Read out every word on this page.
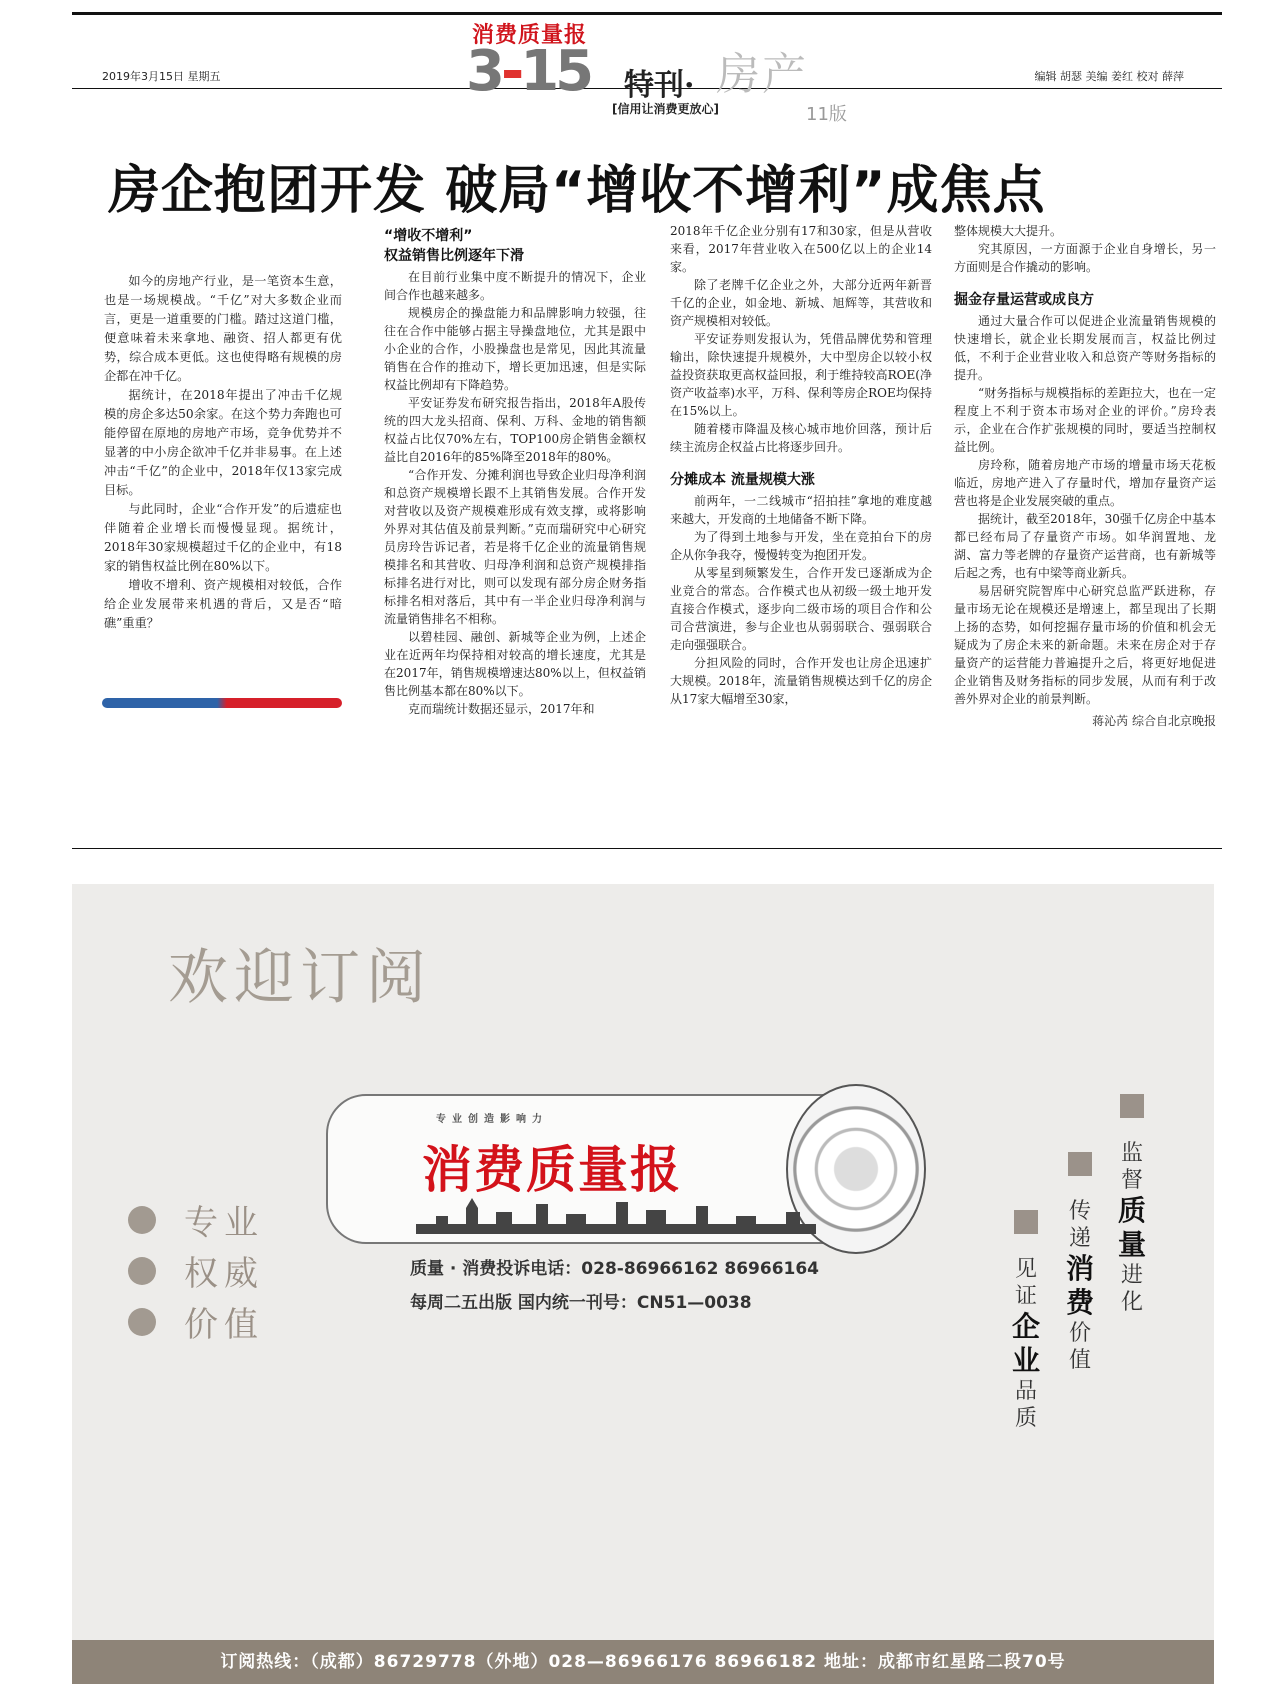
2019年3月15日 星期五	编辑 胡瑟 美编 姜红 校对 薛萍
消费质量报
3-15 特刊· 房产
[信用让消费更放心]	11版
房企抱团开发 破局“增收不增利”成焦点

如今的房地产行业，是一笔资本生意，也是一场规模战。“千亿”对大多数企业而言，更是一道重要的门槛。踏过这道门槛，便意味着未来拿地、融资、招人都更有优势，综合成本更低。这也使得略有规模的房企都在冲千亿。

据统计，在2018年提出了冲击千亿规模的房企多达50余家。在这个势力奔跑也可能停留在原地的房地产市场，竞争优势并不显著的中小房企欲冲千亿并非易事。在上述冲击“千亿”的企业中，2018年仅13家完成目标。

与此同时，企业“合作开发”的后遗症也伴随着企业增长而慢慢显现。据统计，2018年30家规模超过千亿的企业中，有18家的销售权益比例在80%以下。

增收不增利、资产规模相对较低，合作给企业发展带来机遇的背后，又是否“暗礁”重重？

“增收不增利”
权益销售比例逐年下滑

在目前行业集中度不断提升的情况下，企业间合作也越来越多。

规模房企的操盘能力和品牌影响力较强，往往在合作中能够占据主导操盘地位，尤其是跟中小企业的合作，小股操盘也是常见，因此其流量销售在合作的推动下，增长更加迅速，但是实际权益比例却有下降趋势。

平安证券发布研究报告指出，2018年A股传统的四大龙头招商、保利、万科、金地的销售额权益占比仅70%左右，TOP100房企销售金额权益比自2016年的85%降至2018年的80%。

“合作开发、分摊利润也导致企业归母净利润和总资产规模增长跟不上其销售发展。合作开发对营收以及资产规模难形成有效支撑，或将影响外界对其估值及前景判断。”克而瑞研究中心研究员房玲告诉记者，若是将千亿企业的流量销售规模排名和其营收、归母净利润和总资产规模排指标排名进行对比，则可以发现有部分房企财务指标排名相对落后，其中有一半企业归母净利润与流量销售排名不相称。

以碧桂园、融创、新城等企业为例，上述企业在近两年均保持相对较高的增长速度，尤其是在2017年，销售规模增速达80%以上，但权益销售比例基本都在80%以下。

克而瑞统计数据还显示，2017年和

2018年千亿企业分别有17和30家，但是从营收来看，2017年营业收入在500亿以上的企业14家。

除了老牌千亿企业之外，大部分近两年新晋千亿的企业，如金地、新城、旭辉等，其营收和资产规模相对较低。

平安证券则发报认为，凭借品牌优势和管理输出，除快速提升规模外，大中型房企以较小权益投资获取更高权益回报，利于维持较高ROE(净资产收益率)水平，万科、保利等房企ROE均保持在15%以上。

随着楼市降温及核心城市地价回落，预计后续主流房企权益占比将逐步回升。

分摊成本 流量规模大涨

前两年，一二线城市“招拍挂”拿地的难度越来越大，开发商的土地储备不断下降。

为了得到土地参与开发，坐在竞拍台下的房企从你争我夺，慢慢转变为抱团开发。

从零星到频繁发生，合作开发已逐渐成为企业竞合的常态。合作模式也从初级一级土地开发直接合作模式，逐步向二级市场的项目合作和公司合营演进，参与企业也从弱弱联合、强弱联合走向强强联合。

分担风险的同时，合作开发也让房企迅速扩大规模。2018年，流量销售规模达到千亿的房企从17家大幅增至30家，

整体规模大大提升。

究其原因，一方面源于企业自身增长，另一方面则是合作撬动的影响。

掘金存量运营或成良方

通过大量合作可以促进企业流量销售规模的快速增长，就企业长期发展而言，权益比例过低，不利于企业营业收入和总资产等财务指标的提升。

“财务指标与规模指标的差距拉大，也在一定程度上不利于资本市场对企业的评价。”房玲表示，企业在合作扩张规模的同时，要适当控制权益比例。

房玲称，随着房地产市场的增量市场天花板临近，房地产进入了存量时代，增加存量资产运营也将是企业发展突破的重点。

据统计，截至2018年，30强千亿房企中基本都已经布局了存量资产市场。如华润置地、龙湖、富力等老牌的存量资产运营商，也有新城等后起之秀，也有中梁等商业新兵。

易居研究院智库中心研究总监严跃进称，存量市场无论在规模还是增速上，都呈现出了长期上扬的态势，如何挖掘存量市场的价值和机会无疑成为了房企未来的新命题。未来在房企对于存量资产的运营能力普遍提升之后，将更好地促进企业销售及财务指标的同步发展，从而有利于改善外界对企业的前景判断。

蒋沁芮 综合自北京晚报
欢迎订阅
专业创造影响力
消费质量报
质量 · 消费投诉电话：028-86966162 86966164
每周二五出版 国内统一刊号：CN51—0038
专业
权威
价值
监督
质量
进化
传递
消费
价值
见证
企业
品质
订阅热线：（成都）86729778（外地）028—86966176 86966182 地址：成都市红星路二段70号
